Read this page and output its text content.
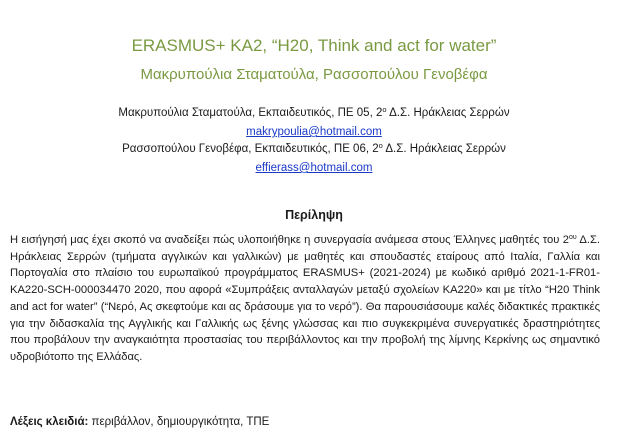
ERASMUS+ KA2, “H20, Think and act for water”
Μακρυπούλια Σταματούλα, Ρασσοπούλου Γενοβέφα
Μακρυπούλια Σταματούλα, Εκπαιδευτικός, ΠΕ 05, $2^o$ Δ.Σ. Ηράκλειας Σερρών
makrypoulia@hotmail.com
Ρασσοπούλου Γενοβέφα, Εκπαιδευτικός, ΠΕ 06, $2^o$ Δ.Σ. Ηράκλειας Σερρών
effierass@hotmail.com
Περίληψη

Η εισήγησή μας έχει σκοπό να αναδείξει πώς υλοποιήθηκε η συνεργασία ανάμεσα στους Έλληνες μαθητές του $2^{o\upsilon}$ Δ.Σ. Ηράκλειας Σερρών (τμήματα αγγλικών και γαλλικών) με μαθητές και σπουδαστές εταίρους από Ιταλία, Γαλλία και Πορτογαλία στο πλαίσιο του ευρωπαϊκού προγράμματος ERASMUS+ (2021-2024) με κωδικό αριθμό 2021-1-FR01-KA220-SCH-000034470 2020, που αφορά «Συμπράξεις ανταλλαγών μεταξύ σχολείων KA220» και με τίτλο “H20 Think and act for water” (“Νερό, Ας σκεφτούμε και ας δράσουμε για το νερό”). Θα παρουσιάσουμε καλές διδακτικές πρακτικές για την διδασκαλία της Αγγλικής και Γαλλικής ως ξένης γλώσσας και πιο συγκεκριμένα συνεργατικές δραστηριότητες που προβάλουν την αναγκαιότητα προστασίας του περιβάλλοντος και την προβολή της λίμνης Κερκίνης ως σημαντικό υδροβιότοπο της Ελλάδας.

Λέξεις κλειδιά: περιβάλλον, δημιουργικότητα, ΤΠΕ
